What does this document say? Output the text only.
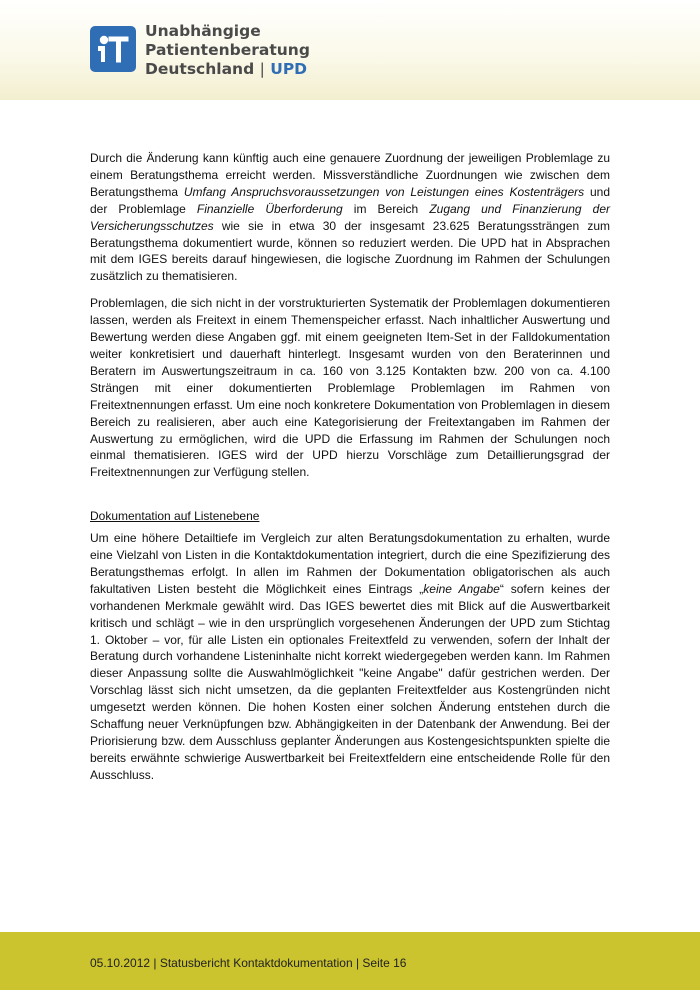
Unabhängige
Patientenberatung
Deutschland | UPD

Durch die Änderung kann künftig auch eine genauere Zuordnung der jeweiligen Problemlage zu einem Beratungsthema erreicht werden. Missverständliche Zuordnungen wie zwischen dem Beratungsthema Umfang Anspruchsvoraussetzungen von Leistungen eines Kostenträgers und der Problemlage Finanzielle Überforderung im Bereich Zugang und Finanzierung der Versicherungsschutzes wie sie in etwa 30 der insgesamt 23.625 Beratungssträngen zum Beratungsthema dokumentiert wurde, können so reduziert werden. Die UPD hat in Absprachen mit dem IGES bereits darauf hingewiesen, die logische Zuordnung im Rahmen der Schulungen zusätzlich zu thematisieren.

Problemlagen, die sich nicht in der vorstrukturierten Systematik der Problemlagen dokumentieren lassen, werden als Freitext in einem Themenspeicher erfasst. Nach inhaltlicher Auswertung und Bewertung werden diese Angaben ggf. mit einem geeigneten Item-Set in der Falldokumentation weiter konkretisiert und dauerhaft hinterlegt. Insgesamt wurden von den Beraterinnen und Beratern im Auswertungszeitraum in ca. 160 von 3.125 Kontakten bzw. 200 von ca. 4.100 Strängen mit einer dokumentierten Problemlage Problemlagen im Rahmen von Freitextnennungen erfasst. Um eine noch konkretere Dokumentation von Problemlagen in diesem Bereich zu realisieren, aber auch eine Kategorisierung der Freitextangaben im Rahmen der Auswertung zu ermöglichen, wird die UPD die Erfassung im Rahmen der Schulungen noch einmal thematisieren. IGES wird der UPD hierzu Vorschläge zum Detaillierungsgrad der Freitextnennungen zur Verfügung stellen.

Dokumentation auf Listenebene

Um eine höhere Detailtiefe im Vergleich zur alten Beratungsdokumentation zu erhalten, wurde eine Vielzahl von Listen in die Kontaktdokumentation integriert, durch die eine Spezifizierung des Beratungsthemas erfolgt. In allen im Rahmen der Dokumentation obligatorischen als auch fakultativen Listen besteht die Möglichkeit eines Eintrags „keine Angabe“ sofern keines der vorhandenen Merkmale gewählt wird. Das IGES bewertet dies mit Blick auf die Auswertbarkeit kritisch und schlägt – wie in den ursprünglich vorgesehenen Änderungen der UPD zum Stichtag 1. Oktober – vor, für alle Listen ein optionales Freitextfeld zu verwenden, sofern der Inhalt der Beratung durch vorhandene Listeninhalte nicht korrekt wiedergegeben werden kann. Im Rahmen dieser Anpassung sollte die Auswahlmöglichkeit "keine Angabe" dafür gestrichen werden. Der Vorschlag lässt sich nicht umsetzen, da die geplanten Freitextfelder aus Kostengründen nicht umgesetzt werden können. Die hohen Kosten einer solchen Änderung entstehen durch die Schaffung neuer Verknüpfungen bzw. Abhängigkeiten in der Datenbank der Anwendung. Bei der Priorisierung bzw. dem Ausschluss geplanter Änderungen aus Kostengesichtspunkten spielte die bereits erwähnte schwierige Auswertbarkeit bei Freitextfeldern eine entscheidende Rolle für den Ausschluss.

05.10.2012 | Statusbericht Kontaktdokumentation | Seite 16
